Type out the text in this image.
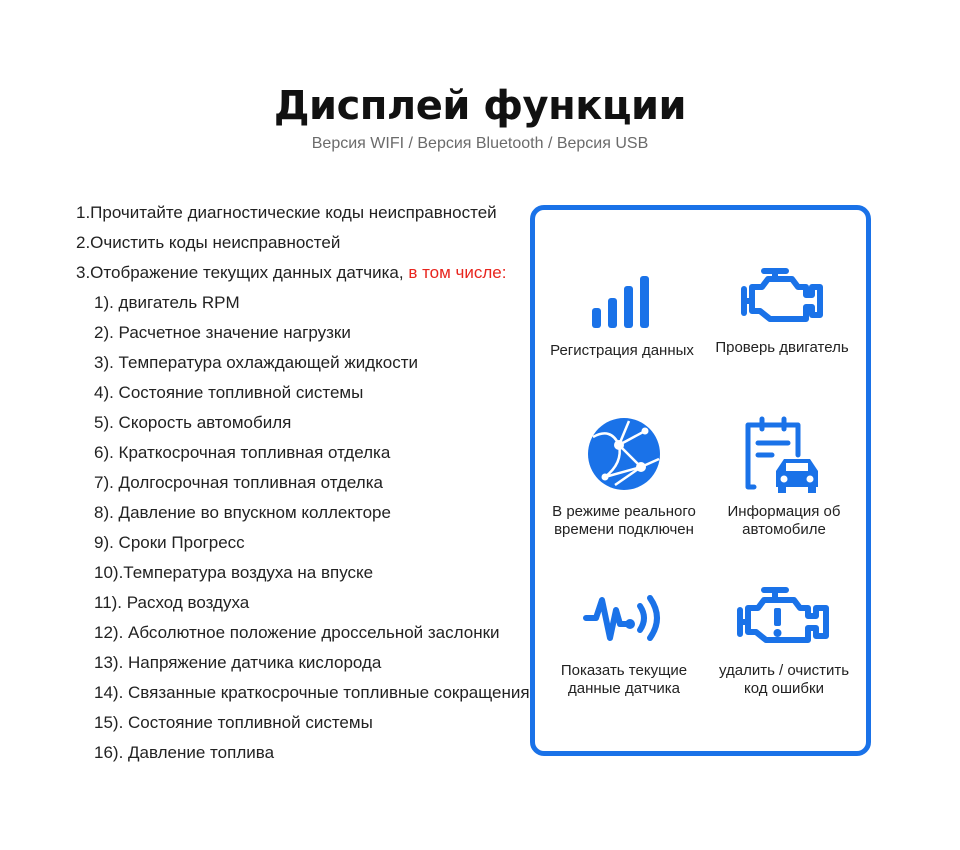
Дисплей функции
Версия WIFI / Версия Bluetooth / Версия USB
1.Прочитайте диагностические коды неисправностей
2.Очистить коды неисправностей
3.Отображение текущих данных датчика, в том числе:
1). двигатель RPM
2). Расчетное значение нагрузки
3). Температура охлаждающей жидкости
4). Состояние топливной системы
5). Скорость автомобиля
6). Краткосрочная топливная отделка
7). Долгосрочная топливная отделка
8). Давление во впускном коллекторе
9). Сроки Прогресс
10).Температура воздуха на впуске
11). Расход воздуха
12). Абсолютное положение дроссельной заслонки
13). Напряжение датчика кислорода
14). Связанные краткосрочные топливные сокращения
15). Состояние топливной системы
16). Давление топлива
Регистрация данных	Проверь двигатель
В режиме реального
времени подключен
Информация об
автомобиле
Показать текущие
данные датчика
удалить / очистить
код ошибки
